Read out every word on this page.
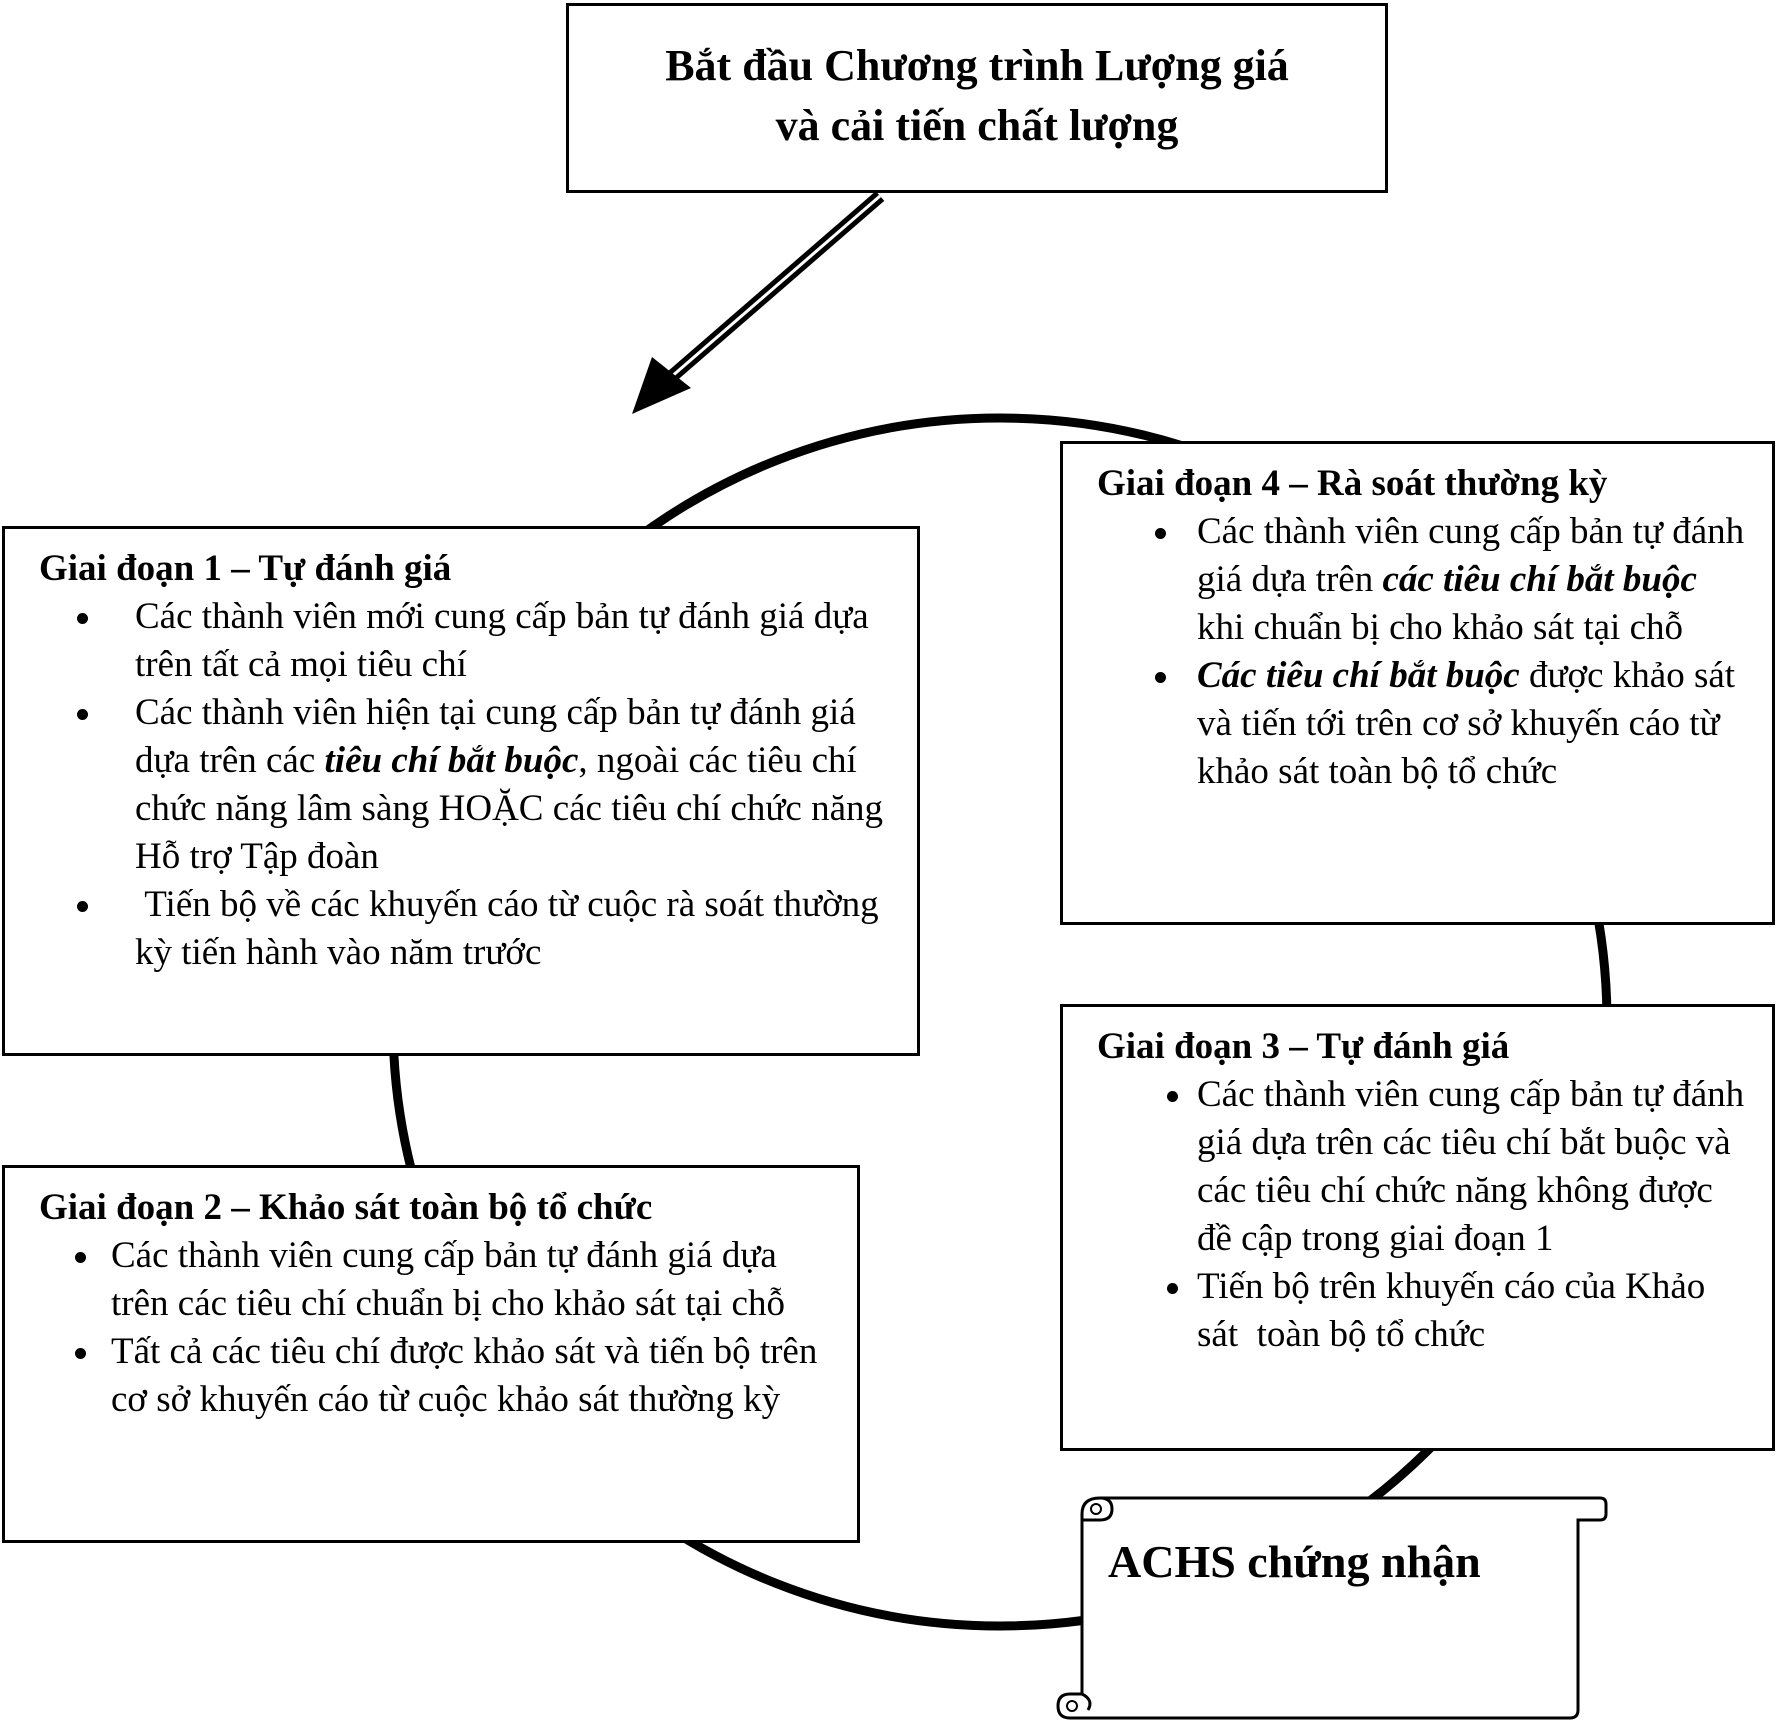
Bắt đầu Chương trình Lượng giá
và cải tiến chất lượng

Giai đoạn 1 – Tự đánh giá

Các thành viên mới cung cấp bản tự đánh giá dựa trên tất cả mọi tiêu chí
Các thành viên hiện tại cung cấp bản tự đánh giá dựa trên các tiêu chí bắt buộc, ngoài các tiêu chí chức năng lâm sàng HOẶC các tiêu chí chức năng Hỗ trợ Tập đoàn
Tiến bộ về các khuyến cáo từ cuộc rà soát thường kỳ tiến hành vào năm trước

Giai đoạn 2 – Khảo sát toàn bộ tổ chức

Các thành viên cung cấp bản tự đánh giá dựa trên các tiêu chí chuẩn bị cho khảo sát tại chỗ
Tất cả các tiêu chí được khảo sát và tiến bộ trên cơ sở khuyến cáo từ cuộc khảo sát thường kỳ

Giai đoạn 3 – Tự đánh giá

Các thành viên cung cấp bản tự đánh giá dựa trên các tiêu chí bắt buộc và các tiêu chí chức năng không được đề cập trong giai đoạn 1
Tiến bộ trên khuyến cáo của Khảo sát  toàn bộ tổ chức

Giai đoạn 4 – Rà soát thường kỳ

Các thành viên cung cấp bản tự đánh giá dựa trên các tiêu chí bắt buộc khi chuẩn bị cho khảo sát tại chỗ
Các tiêu chí bắt buộc được khảo sát và tiến tới trên cơ sở khuyến cáo từ khảo sát toàn bộ tổ chức
ACHS chứng nhận
